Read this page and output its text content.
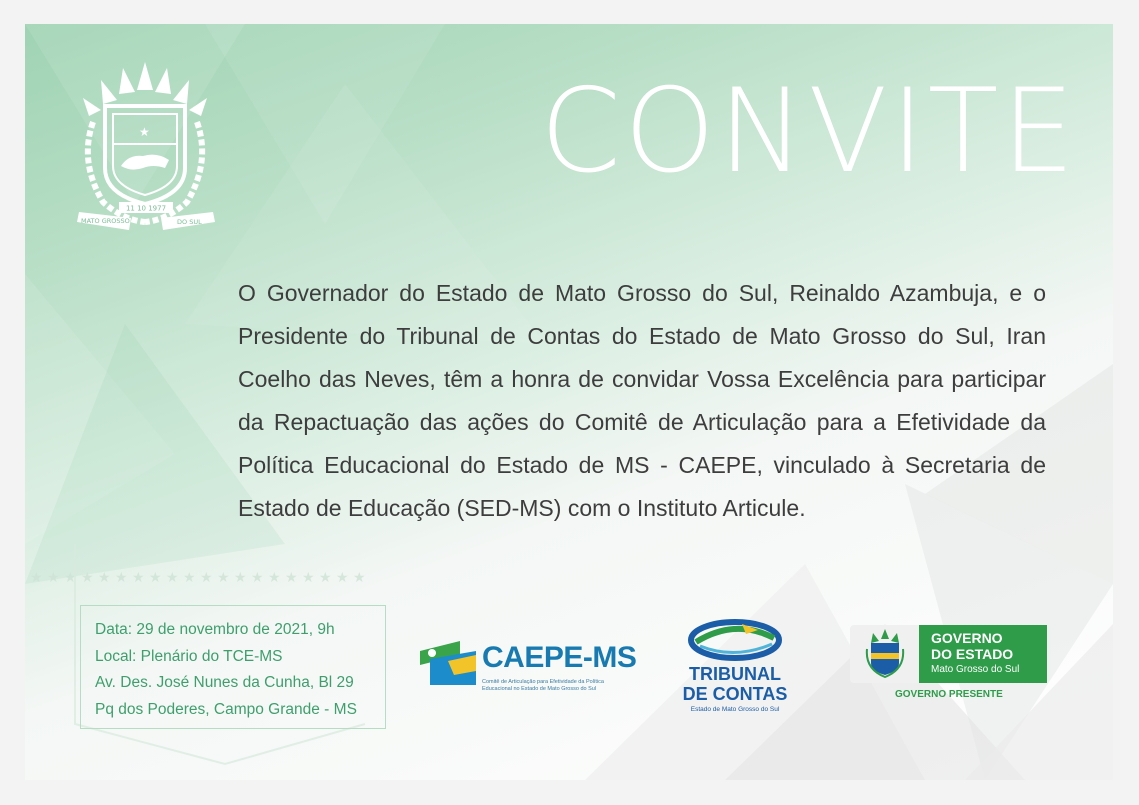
★ ★ ★ ★ ★ ★ ★ ★ ★ ★ ★ ★ ★ ★ ★ ★ ★ ★ ★ ★
★
11 10 1977
MATO GROSSO	DO SUL
CONVITE
O Governador do Estado de Mato Grosso do Sul, Reinaldo Azambuja, e o Presidente do Tribunal de Contas do Estado de Mato Grosso do Sul, Iran Coelho das Neves, têm a honra de convidar Vossa Excelência para participar da Repactuação das ações do Comitê de Articulação para a Efetividade da Política Educacional do Estado de MS - CAEPE, vinculado à Secretaria de Estado de Educação (SED-MS) com o Instituto Articule.
Data: 29 de novembro de 2021, 9h
Local: Plenário do TCE-MS
Av. Des. José Nunes da Cunha, Bl 29
Pq dos Poderes, Campo Grande - MS
CAEPE-MS
Comitê de Articulação para Efetividade da Política Educacional no Estado de Mato Grosso do Sul
TRIBUNAL
DE CONTAS
Estado de Mato Grosso do Sul
GOVERNO
DO ESTADO
Mato Grosso do Sul
GOVERNO PRESENTE
